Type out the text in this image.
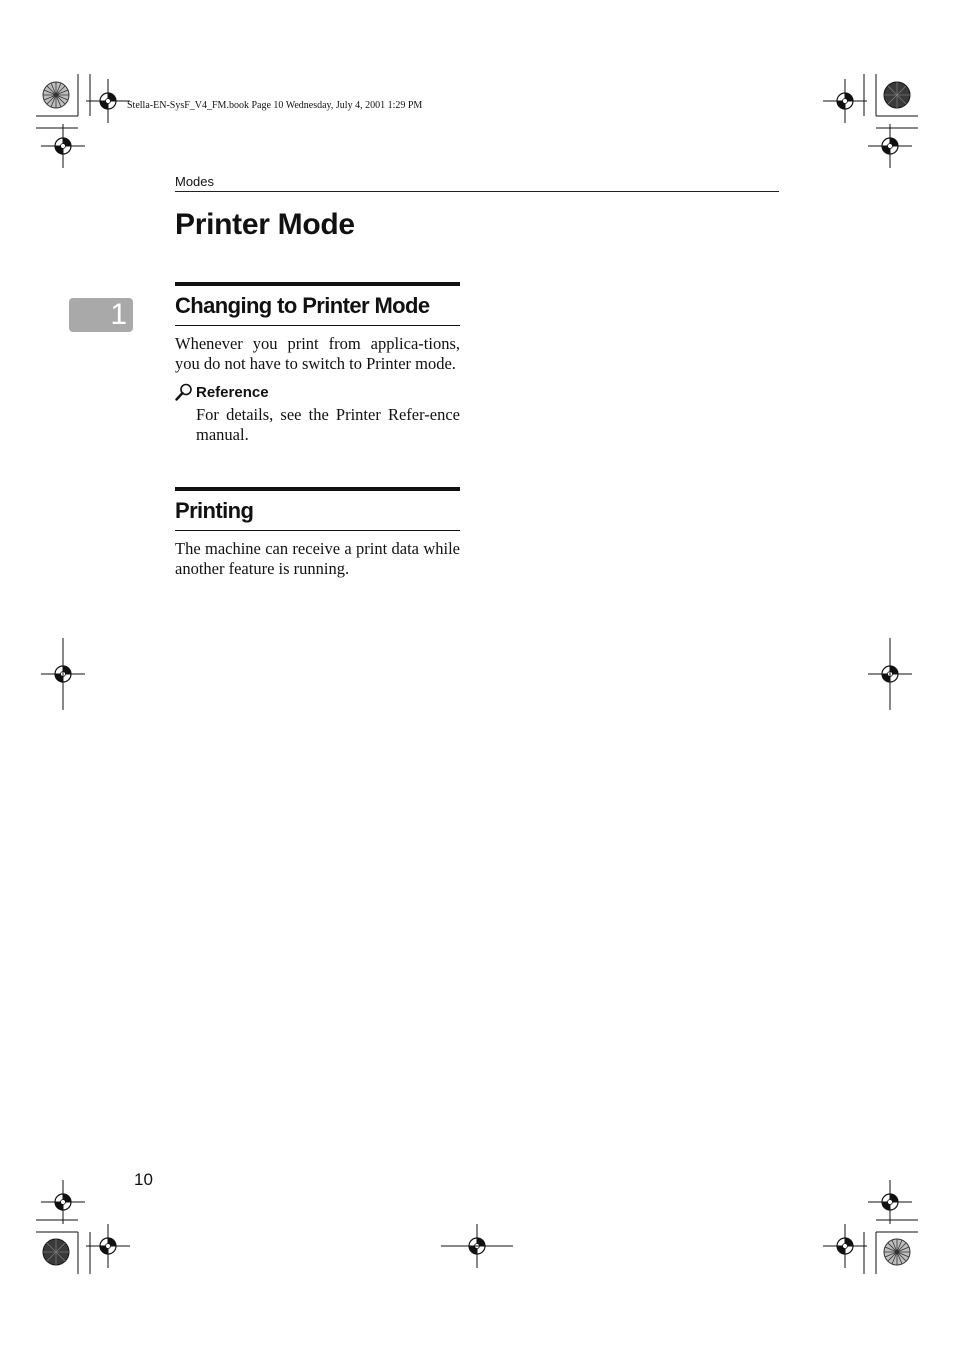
Stella-EN-SysF_V4_FM.book Page 10 Wednesday, July 4, 2001 1:29 PM
Modes
Printer Mode
1 Changing to Printer Mode

Whenever you print from applica-tions, you do not have to switch to Printer mode.

Reference
For details, see the Printer Refer-ence manual.
Printing

The machine can receive a print data while another feature is running.

10
